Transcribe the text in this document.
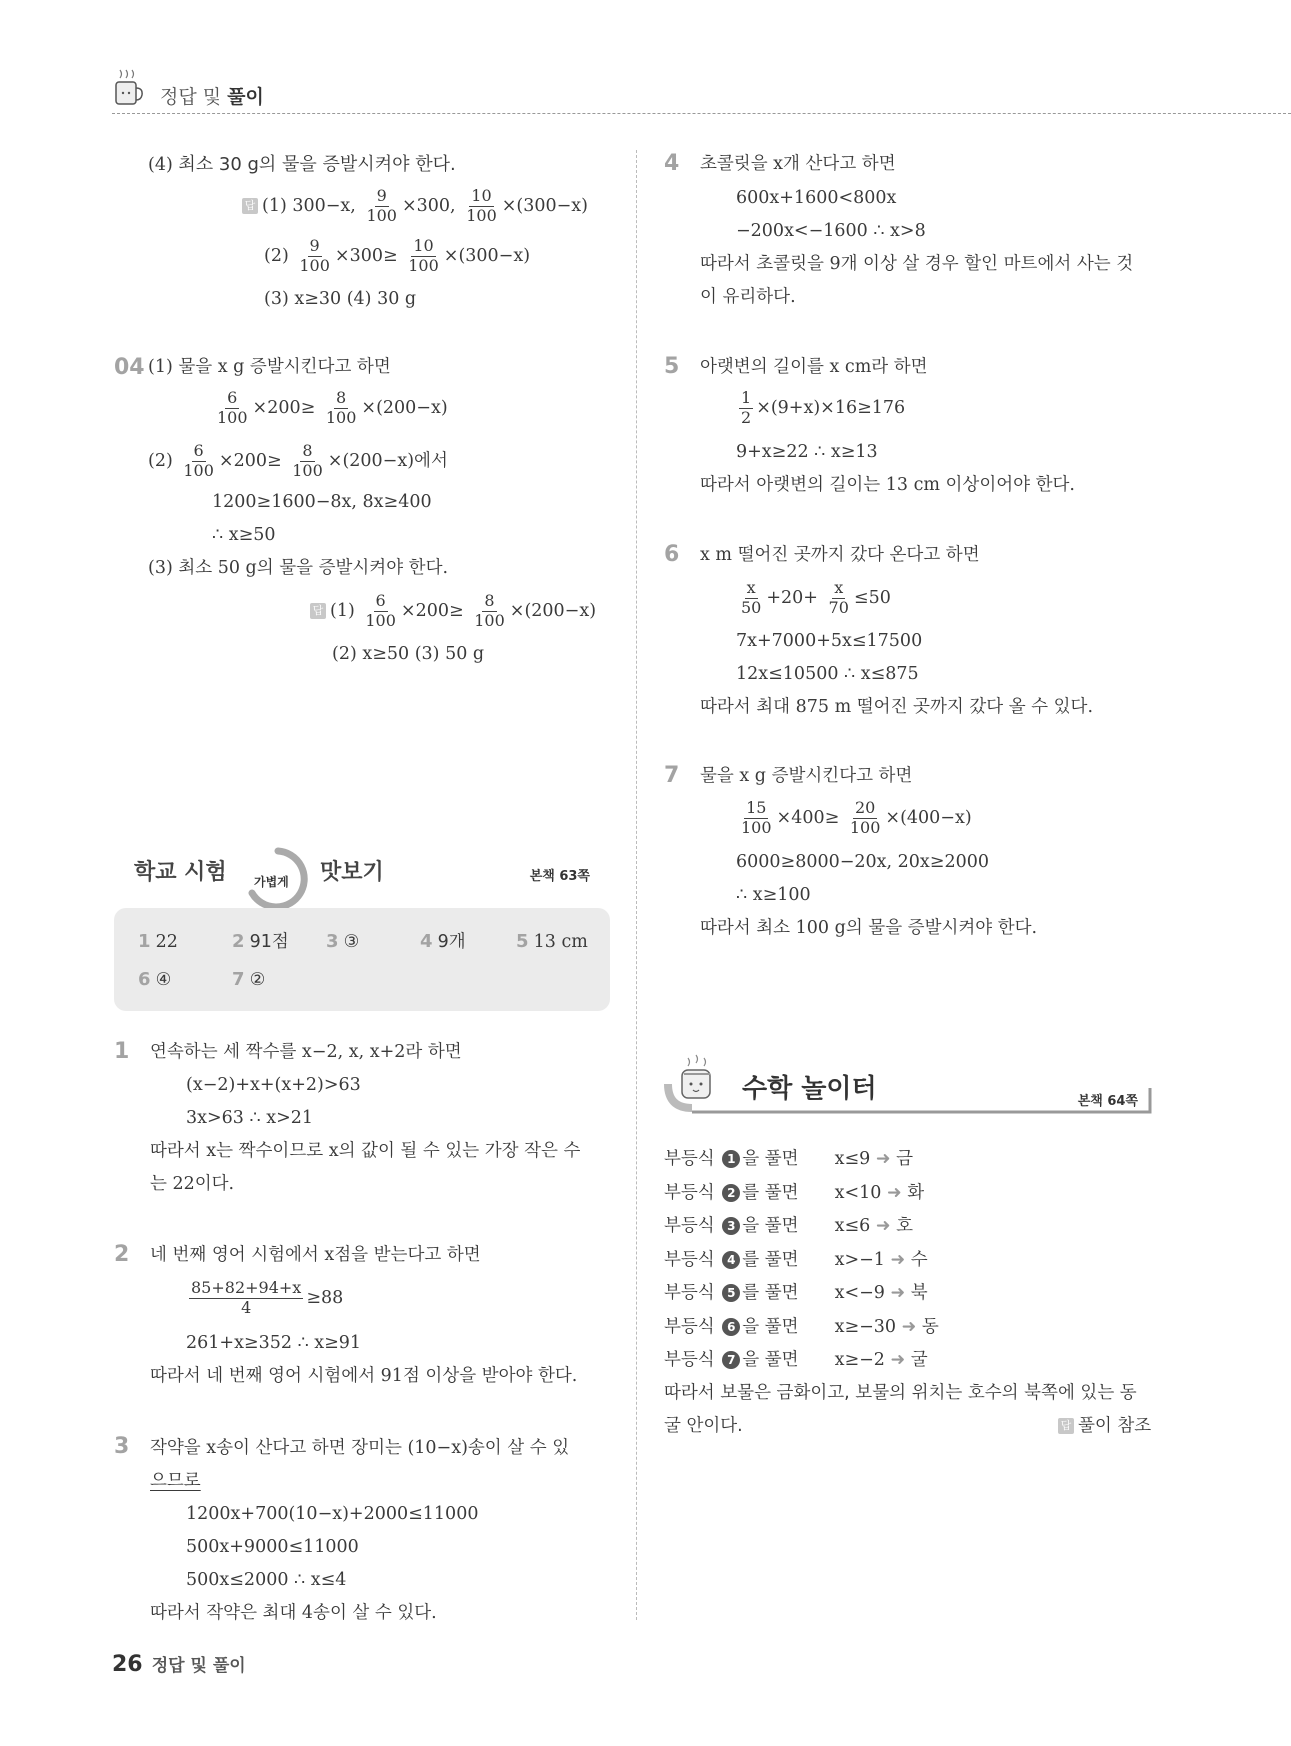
정답 및 풀이
(4) 최소 30 g의 물을 증발시켜야 한다.
답 (1) 300−x, $\frac{9}{100} \times 300$, $\frac{10}{100} \times(300-x)$
$(2) \frac{9}{100} \times 300\ge \frac{10}{100} \times(300-x)$
(3) x≥30 (4) 30 g
04 (1) 물을 x g 증발시킨다고 하면
$\frac{6}{100} \times 200\ge \frac{8}{100} \times(200-x)$
$(2) \frac{6}{100} \times 200\ge \frac{8}{100} \times(200-x)$에서
1200≥1600−8x, 8x≥400
∴ x≥50
(3) 최소 50 g의 물을 증발시켜야 한다.
답 $(1) \frac{6}{100} \times 200\ge \frac{8}{100} \times(200-x)$
(2) x≥50 (3) 50 g
학교 시험 가볍게 맛보기	본책 63쪽
1 22	2 91점 3 ③	4 9개	5 13 cm
6 ④	7 ②
1 연속하는 세 짝수를 x−2, x, x+2라 하면
(x−2)+x+(x+2)>63
3x>63 ∴ x>21
따라서 x는 짝수이므로 x의 값이 될 수 있는 가장 작은 수
는 22이다.
2 네 번째 영어 시험에서 x점을 받는다고 하면
$\frac{85+82+94+x}{4} \ge 88$
261+x≥352 ∴ x≥91
따라서 네 번째 영어 시험에서 91점 이상을 받아야 한다.
3 작약을 x송이 산다고 하면 장미는 (10−x)송이 살 수 있
으므로
1200x+700(10−x)+2000≤11000
500x+9000≤11000
500x≤2000 ∴ x≤4
따라서 작약은 최대 4송이 살 수 있다.
26 정답 및 풀이
4 초콜릿을 x개 산다고 하면
600x+1600<800x
−200x<−1600 ∴ x>8
따라서 초콜릿을 9개 이상 살 경우 할인 마트에서 사는 것
이 유리하다.
5 아랫변의 길이를 x cm라 하면
$\frac{1}{2} \times(9+x)\times 16\ge 176$
9+x≥22 ∴ x≥13
따라서 아랫변의 길이는 13 cm 이상이어야 한다.
6 x m 떨어진 곳까지 갔다 온다고 하면
$\frac{x}{50} +20+ \frac{x}{70} \le 50$
7x+7000+5x≤17500
12x≤10500 ∴ x≤875
따라서 최대 875 m 떨어진 곳까지 갔다 올 수 있다.
7 물을 x g 증발시킨다고 하면
$\frac{15}{100} \times 400\ge \frac{20}{100} \times(400-x)$
6000≥8000−20x, 20x≥2000
∴ x≥100
따라서 최소 100 g의 물을 증발시켜야 한다.
수학 놀이터	본책 64쪽
부등식 1 을 풀면 x≤9 ➜ 금
부등식 2 를 풀면 x<10 ➜ 화
부등식 3 을 풀면 x≤6 ➜ 호
부등식 4 를 풀면 x>−1 ➜ 수
부등식 5 를 풀면 x<−9 ➜ 북
부등식 6 을 풀면 x≥−30 ➜ 동
부등식 7 을 풀면 x≥−2 ➜ 굴
따라서 보물은 금화이고, 보물의 위치는 호수의 북쪽에 있는 동
굴 안이다.	답 풀이 참조
